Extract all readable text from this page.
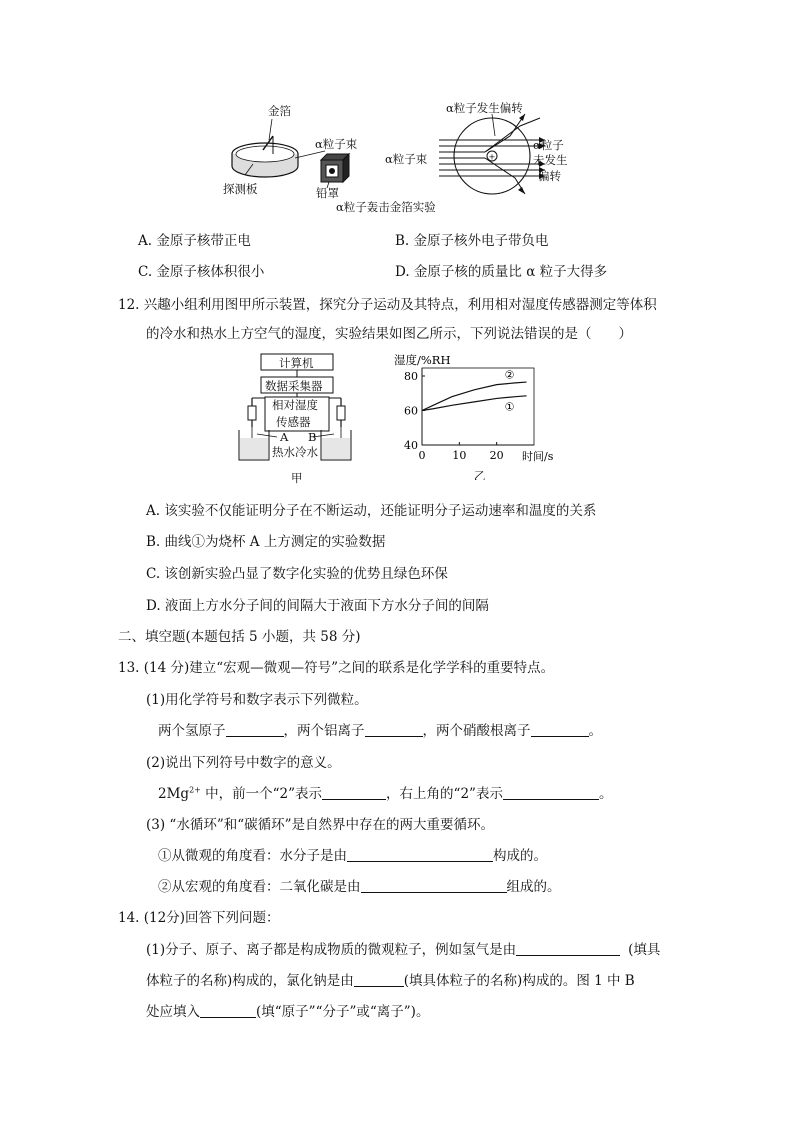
+
金箔
α粒子束
探测板	铅罩
α粒子发生偏转
α粒子束
α粒子
未发生
偏转
α粒子轰击金箔实验
A. 金原子核带正电	B. 金原子核外电子带负电
C. 金原子核体积很小	D. 金原子核的质量比 α 粒子大得多
12. 兴趣小组利用图甲所示装置，探究分子运动及其特点，利用相对湿度传感器测定等体积
的冷水和热水上方空气的湿度，实验结果如图乙所示，下列说法错误的是（　　）
计算机
数据采集器
相对湿度
传感器
A B
热水冷水
甲
湿度/%RH
时间/s
乙
40
60
80
0 10 20
②
①
A. 该实验不仅能证明分子在不断运动，还能证明分子运动速率和温度的关系
B. 曲线①为烧杯 A 上方测定的实验数据
C. 该创新实验凸显了数字化实验的优势且绿色环保
D. 液面上方水分子间的间隔大于液面下方水分子间的间隔
二、填空题(本题包括 5 小题，共 58 分)
13. (14 分)建立“宏观—微观—符号”之间的联系是化学学科的重要特点。
(1)用化学符号和数字表示下列微粒。
两个氢原子	，两个铝离子	，两个硝酸根离子	。
(2)说出下列符号中数字的意义。
$2Mg^{2+}$ 中，前一个“2”表示	，右上角的“2”表示	。
(3) “水循环”和“碳循环”是自然界中存在的两大重要循环。
①从微观的角度看：水分子是由	构成的。
②从宏观的角度看：二氧化碳是由	组成的。
14. (12分)回答下列问题：
(1)分子、原子、离子都是构成物质的微观粒子，例如氢气是由	(填具
体粒子的名称)构成的，氯化钠是由	(填具体粒子的名称)构成的。图 1 中 B
处应填入	(填“原子”“分子”或“离子”)。
